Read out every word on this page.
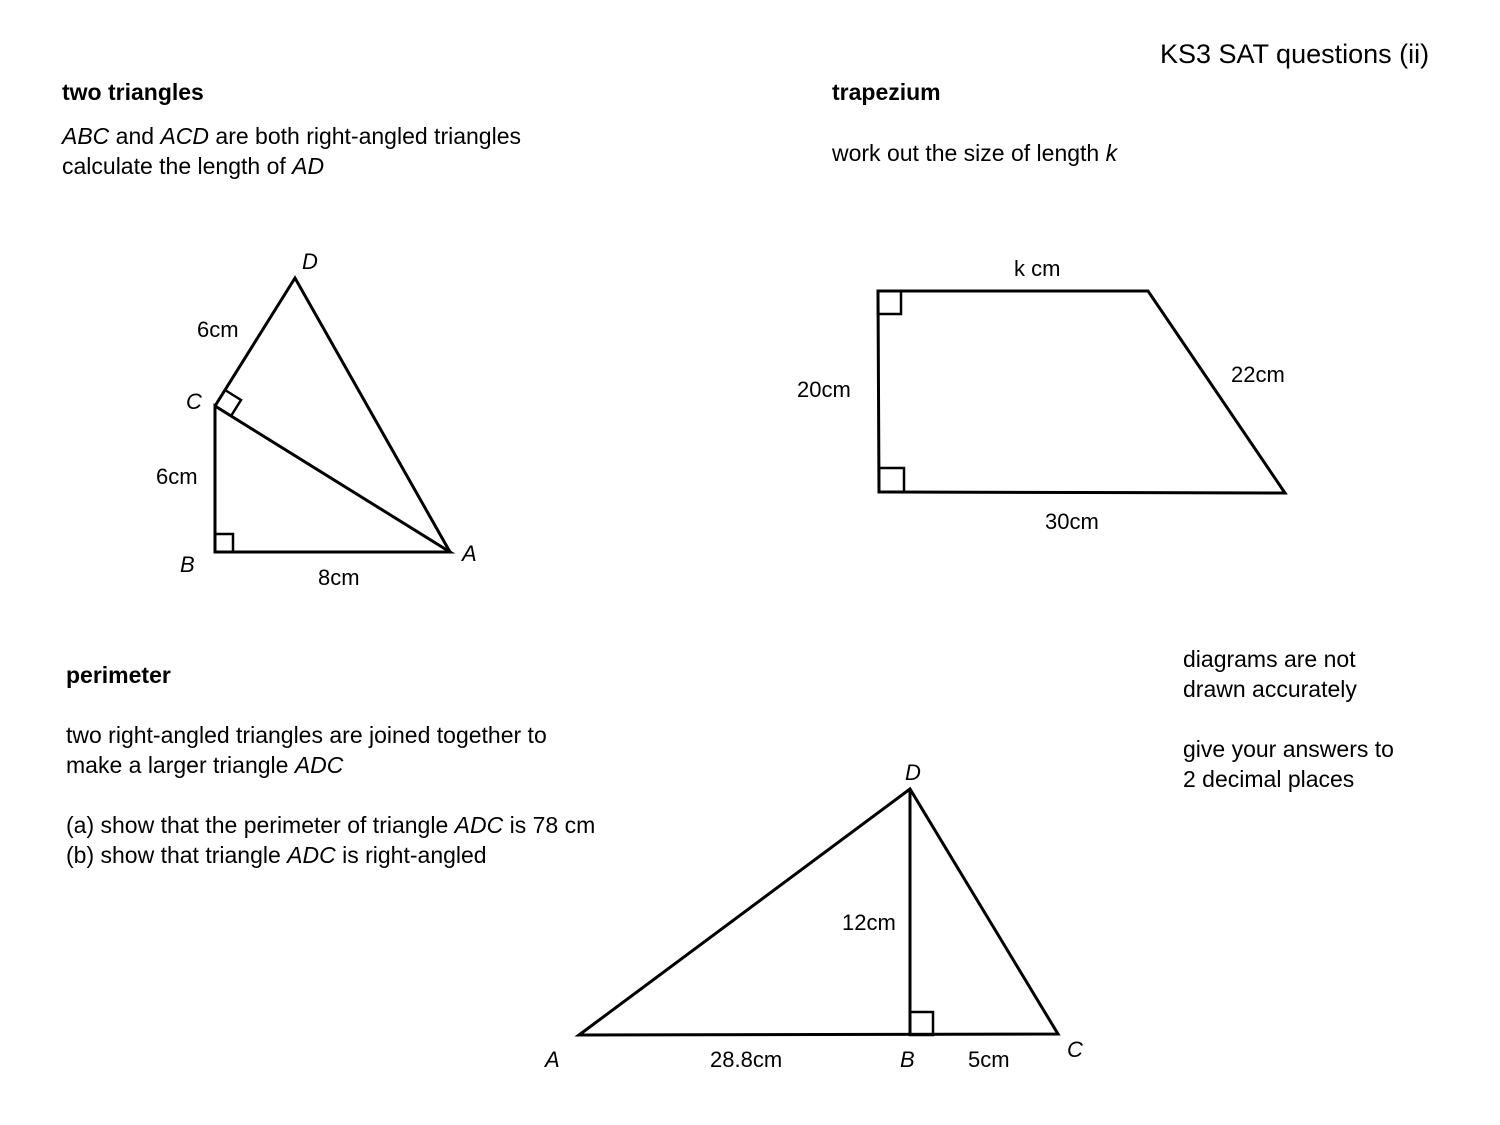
KS3 SAT questions (ii)
two triangles
ABC and ACD are both right-angled triangles
calculate the length of AD
trapezium
work out the size of length k
perimeter
two right-angled triangles are joined together to
make a larger triangle ADC
(a) show that the perimeter of triangle ADC is 78 cm
(b) show that triangle ADC is right-angled
diagrams are not
drawn accurately
give your answers to
2 decimal places
D
C
B	A
6cm
6cm
8cm
k cm
20cm
22cm
30cm
D
A	B	C
12cm
28.8cm	5cm
